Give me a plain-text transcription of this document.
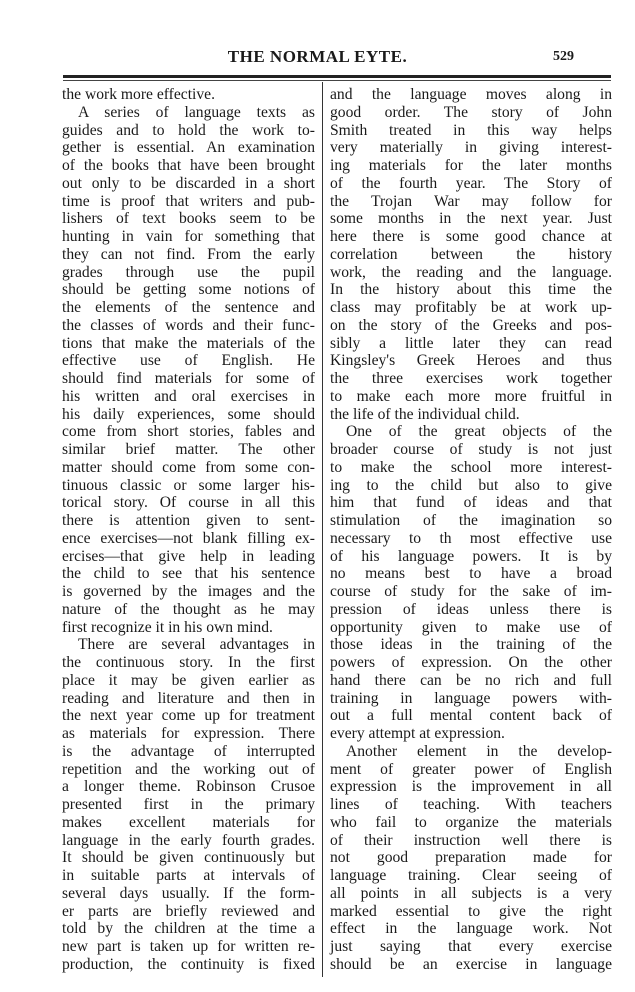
THE NORMAL EYTE.	529
the work more effective.
A series of language texts as
guides and to hold the work to-
gether is essential. An examination
of the books that have been brought
out only to be discarded in a short
time is proof that writers and pub-
lishers of text books seem to be
hunting in vain for something that
they can not find. From the early
grades through use the pupil
should be getting some notions of
the elements of the sentence and
the classes of words and their func-
tions that make the materials of the
effective use of English. He
should find materials for some of
his written and oral exercises in
his daily experiences, some should
come from short stories, fables and
similar brief matter. The other
matter should come from some con-
tinuous classic or some larger his-
torical story. Of course in all this
there is attention given to sent-
ence exercises—not blank filling ex-
ercises—that give help in leading
the child to see that his sentence
is governed by the images and the
nature of the thought as he may
first recognize it in his own mind.
There are several advantages in
the continuous story. In the first
place it may be given earlier as
reading and literature and then in
the next year come up for treatment
as materials for expression. There
is the advantage of interrupted
repetition and the working out of
a longer theme. Robinson Crusoe
presented first in the primary
makes excellent materials for
language in the early fourth grades.
It should be given continuously but
in suitable parts at intervals of
several days usually. If the form-
er parts are briefly reviewed and
told by the children at the time a
new part is taken up for written re-
production, the continuity is fixed
and the language moves along in
good order. The story of John
Smith treated in this way helps
very materially in giving interest-
ing materials for the later months
of the fourth year. The Story of
the Trojan War may follow for
some months in the next year. Just
here there is some good chance at
correlation between the history
work, the reading and the language.
In the history about this time the
class may profitably be at work up-
on the story of the Greeks and pos-
sibly a little later they can read
Kingsley's Greek Heroes and thus
the three exercises work together
to make each more more fruitful in
the life of the individual child.
One of the great objects of the
broader course of study is not just
to make the school more interest-
ing to the child but also to give
him that fund of ideas and that
stimulation of the imagination so
necessary to th most effective use
of his language powers. It is by
no means best to have a broad
course of study for the sake of im-
pression of ideas unless there is
opportunity given to make use of
those ideas in the training of the
powers of expression. On the other
hand there can be no rich and full
training in language powers with-
out a full mental content back of
every attempt at expression.
Another element in the develop-
ment of greater power of English
expression is the improvement in all
lines of teaching. With teachers
who fail to organize the materials
of their instruction well there is
not good preparation made for
language training. Clear seeing of
all points in all subjects is a very
marked essential to give the right
effect in the language work. Not
just saying that every exercise
should be an exercise in language
